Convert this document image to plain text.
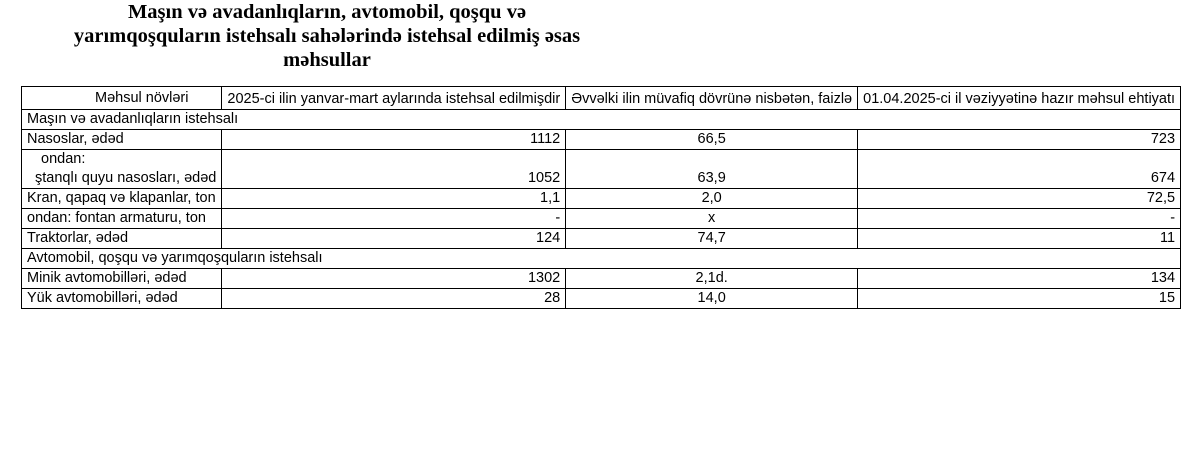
Maşın və avadanlıqların, avtomobil, qoşqu və
yarımqoşquların istehsalı sahələrində istehsal edilmiş əsas
məhsullar
Məhsul növləri	2025-ci ilin yanvar-mart aylarında istehsal edilmişdir	Əvvəlki ilin müvafiq dövrünə nisbətən, faizlə	01.04.2025-ci il vəziyyətinə hazır məhsul ehtiyatı

Maşın və avadanlıqların istehsalı			
Nasoslar, ədəd	1112	66,5	723

ondan:
ştanqlı quyu nasosları, ədəd	1052	63,9	674
Kran, qapaq və klapanlar, ton	1,1	2,0	72,5
ondan: fontan armaturu, ton	-	x	-
Traktorlar, ədəd	124	74,7	11
Avtomobil, qoşqu və yarımqoşquların istehsalı			
Minik avtomobilləri, ədəd	1302	2,1d.	134
Yük avtomobilləri, ədəd	28	14,0	15
